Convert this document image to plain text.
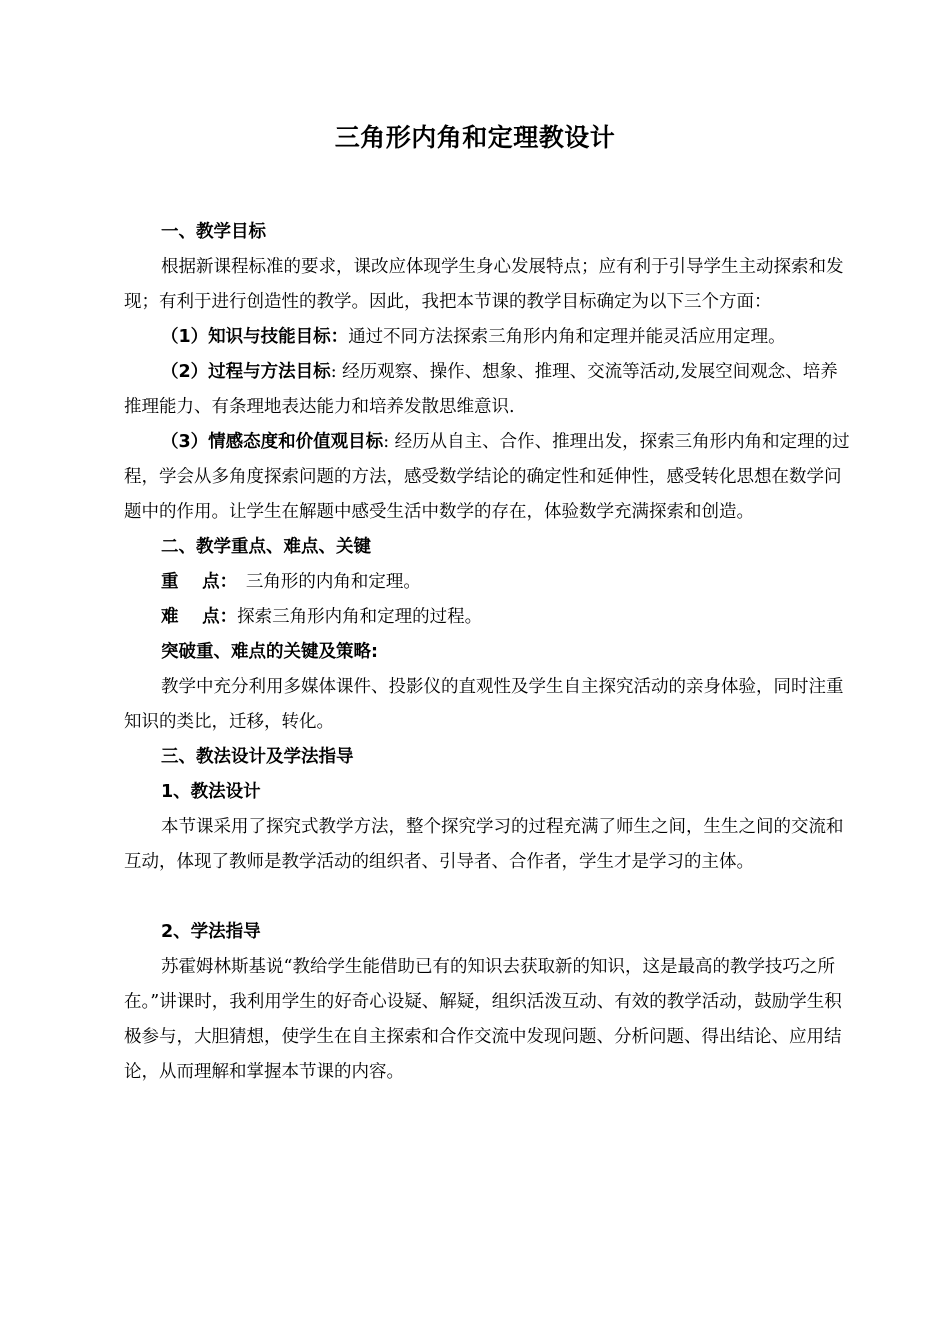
三角形内角和定理教设计

一、教学目标

根据新课程标准的要求，课改应体现学生身心发展特点；应有利于引导学生主动探索和发现；有利于进行创造性的教学。因此，我把本节课的教学目标确定为以下三个方面：

（1）知识与技能目标：通过不同方法探索三角形内角和定理并能灵活应用定理。

（2）过程与方法目标: 经历观察、操作、想象、推理、交流等活动,发展空间观念、培养推理能力、有条理地表达能力和培养发散思维意识.

（3）情感态度和价值观目标: 经历从自主、合作、推理出发，探索三角形内角和定理的过程，学会从多角度探索问题的方法，感受数学结论的确定性和延伸性，感受转化思想在数学问题中的作用。让学生在解题中感受生活中数学的存在，体验数学充满探索和创造。

二、教学重点、难点、关键

重　 点：　三角形的内角和定理。

难　 点：探索三角形内角和定理的过程。

突破重、难点的关键及策略:

教学中充分利用多媒体课件、投影仪的直观性及学生自主探究活动的亲身体验，同时注重知识的类比，迁移，转化。

三、教法设计及学法指导

1、教法设计

本节课采用了探究式教学方法，整个探究学习的过程充满了师生之间，生生之间的交流和互动，体现了教师是教学活动的组织者、引导者、合作者，学生才是学习的主体。

2、学法指导

苏霍姆林斯基说“教给学生能借助已有的知识去获取新的知识，这是最高的教学技巧之所在。”讲课时，我利用学生的好奇心设疑、解疑，组织活泼互动、有效的教学活动，鼓励学生积极参与，大胆猜想，使学生在自主探索和合作交流中发现问题、分析问题、得出结论、应用结论，从而理解和掌握本节课的内容。
